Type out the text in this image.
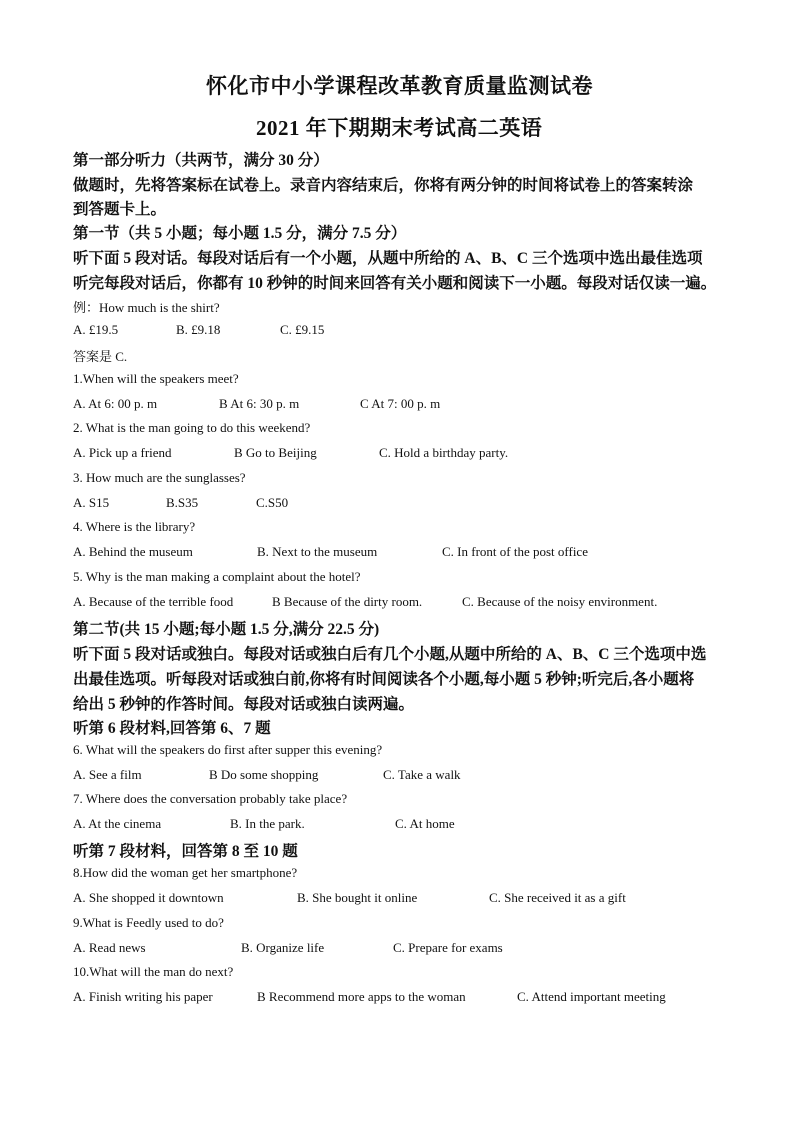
怀化市中小学课程改革教育质量监测试卷
2021 年下期期末考试高二英语
第一部分听力（共两节，满分 30 分）
做题时，先将答案标在试卷上。录音内容结束后，你将有两分钟的时间将试卷上的答案转涂
到答题卡上。
第一节（共 5 小题；每小题 1.5 分，满分 7.5 分）
听下面 5 段对话。每段对话后有一个小题，从题中所给的 A、B、C 三个选项中选出最佳选项
听完每段对话后，你都有 10 秒钟的时间来回答有关小题和阅读下一小题。每段对话仅读一遍。
例：How much is the shirt?
A. £19.5	B. £9.18	C. £9.15
答案是 C.
1.When will the speakers meet?
A. At 6: 00 p. m	B At 6: 30 p. m	C At 7: 00 p. m
2. What is the man going to do this weekend?
A. Pick up a friend	B Go to Beijing	C. Hold a birthday party.
3. How much are the sunglasses?
A. S15	B.S35	C.S50
4. Where is the library?
A. Behind the museum	B. Next to the museum	C. In front of the post office
5. Why is the man making a complaint about the hotel?
A. Because of the terrible food	B Because of the dirty room.	C. Because of the noisy environment.
第二节(共 15 小题;每小题 1.5 分,满分 22.5 分)
听下面 5 段对话或独白。每段对话或独白后有几个小题,从题中所给的 A、B、C 三个选项中选
出最佳选项。听每段对话或独白前,你将有时间阅读各个小题,每小题 5 秒钟;听完后,各小题将
给出 5 秒钟的作答时间。每段对话或独白读两遍。
听第 6 段材料,回答第 6、7 题
6. What will the speakers do first after supper this evening?
A. See a film	B Do some shopping	C. Take a walk
7. Where does the conversation probably take place?
A. At the cinema	B. In the park.	C. At home
听第 7 段材料，回答第 8 至 10 题
8.How did the woman get her smartphone?
A. She shopped it downtown	B. She bought it online	C. She received it as a gift
9.What is Feedly used to do?
A. Read news	B. Organize life	C. Prepare for exams
10.What will the man do next?
A. Finish writing his paper	B Recommend more apps to the woman	C. Attend important meeting
